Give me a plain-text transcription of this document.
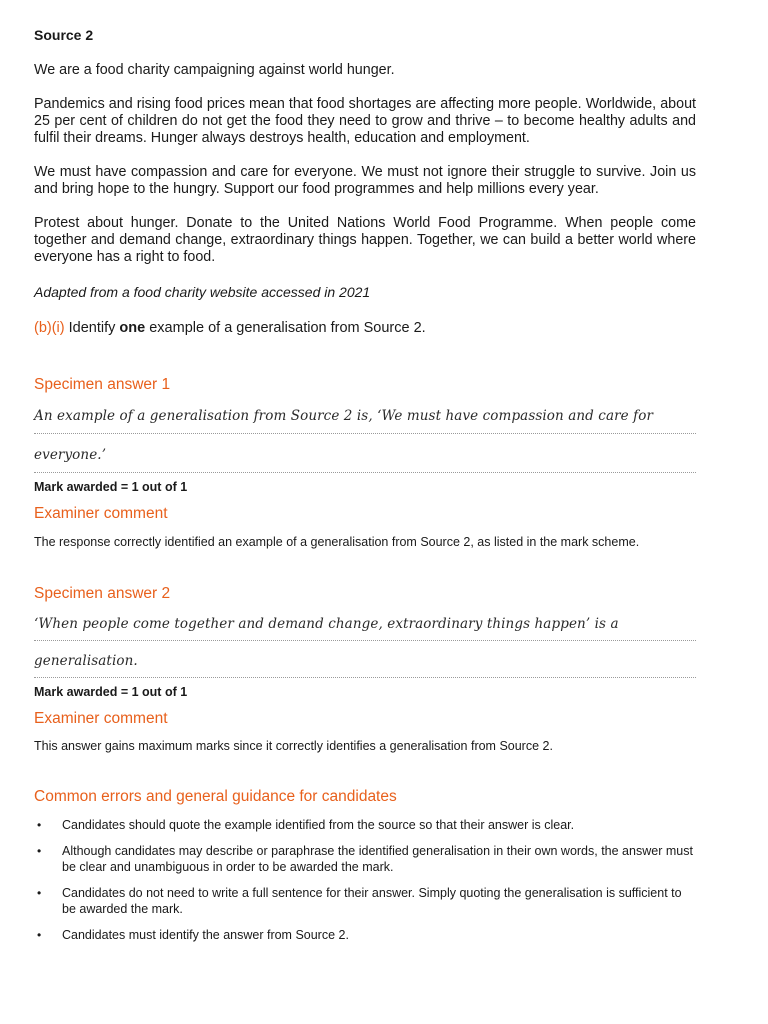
Source 2
We are a food charity campaigning against world hunger.
Pandemics and rising food prices mean that food shortages are affecting more people. Worldwide, about 25 per cent of children do not get the food they need to grow and thrive – to become healthy adults and fulfil their dreams. Hunger always destroys health, education and employment.
We must have compassion and care for everyone. We must not ignore their struggle to survive. Join us and bring hope to the hungry. Support our food programmes and help millions every year.
Protest about hunger. Donate to the United Nations World Food Programme. When people come together and demand change, extraordinary things happen. Together, we can build a better world where everyone has a right to food.
Adapted from a food charity website accessed in 2021
(b)(i) Identify one example of a generalisation from Source 2.
Specimen answer 1
An example of a generalisation from Source 2 is, ‘We must have compassion and care for
everyone.’
Mark awarded = 1 out of 1
Examiner comment
The response correctly identified an example of a generalisation from Source 2, as listed in the mark scheme.
Specimen answer 2
‘When people come together and demand change, extraordinary things happen’ is a
generalisation.
Mark awarded = 1 out of 1
Examiner comment
This answer gains maximum marks since it correctly identifies a generalisation from Source 2.
Common errors and general guidance for candidates
• Candidates should quote the example identified from the source so that their answer is clear.
• Although candidates may describe or paraphrase the identified generalisation in their own words, the answer must be clear and unambiguous in order to be awarded the mark.
• Candidates do not need to write a full sentence for their answer. Simply quoting the generalisation is sufficient to be awarded the mark.
• Candidates must identify the answer from Source 2.
